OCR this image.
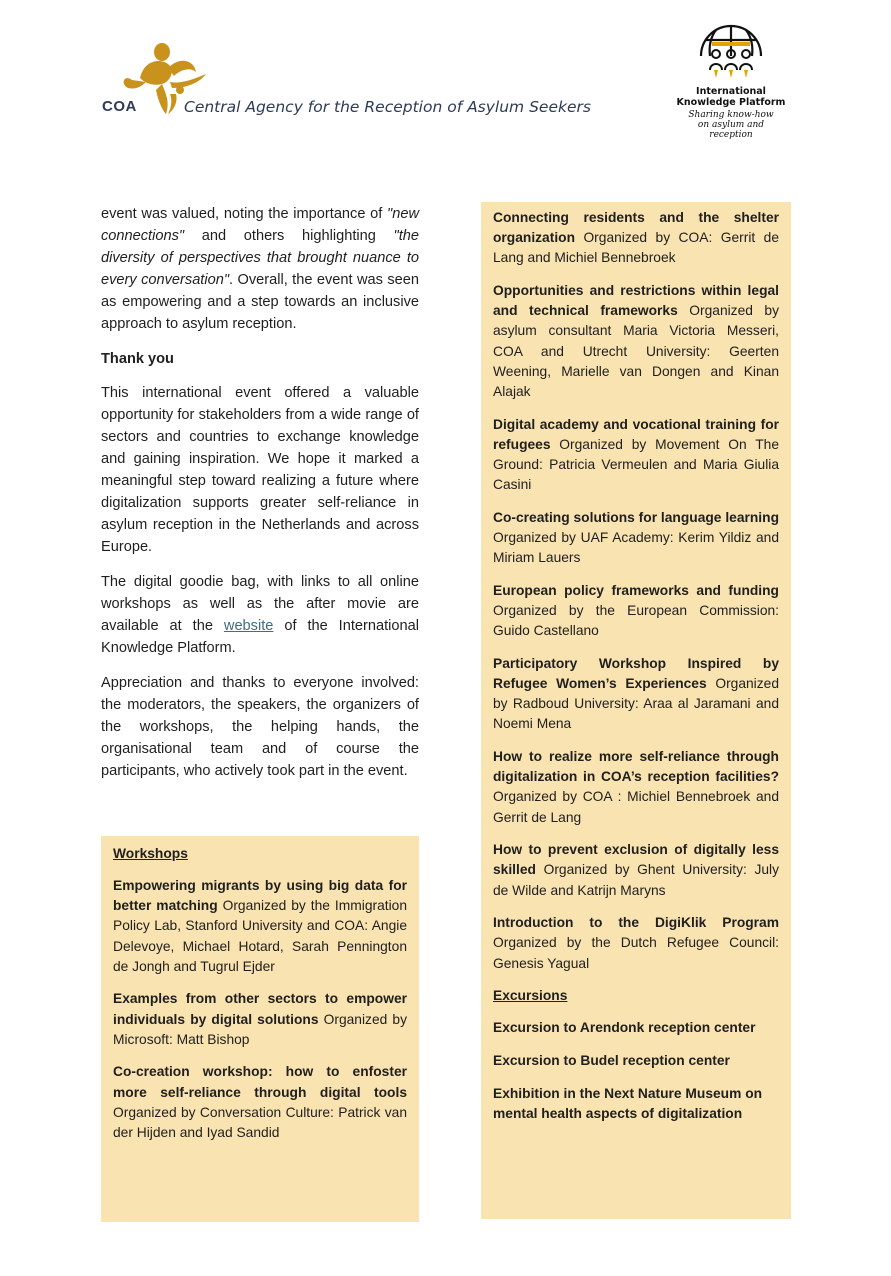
COA	Central Agency for the Reception of Asylum Seekers
International
Knowledge Platform
Sharing know-how
on asylum and reception

event was valued, noting the importance of "new connections" and others highlighting "the diversity of perspectives that brought nuance to every conversation". Overall, the event was seen as empowering and a step towards an inclusive approach to asylum reception.

Thank you

This international event offered a valuable opportunity for stakeholders from a wide range of sectors and countries to exchange knowledge and gaining inspiration. We hope it marked a meaningful step toward realizing a future where digitalization supports greater self-reliance in asylum reception in the Netherlands and across Europe.

The digital goodie bag, with links to all online workshops as well as the after movie are available at the website of the International Knowledge Platform.

Appreciation and thanks to everyone involved: the moderators, the speakers, the organizers of the workshops, the helping hands, the organisational team and of course the participants, who actively took part in the event.

Workshops
Empowering migrants by using big data for better matching Organized by the Immigration Policy Lab, Stanford University and COA: Angie Delevoye, Michael Hotard, Sarah Pennington de Jongh and Tugrul Ejder
Examples from other sectors to empower individuals by digital solutions Organized by Microsoft: Matt Bishop
Co-creation workshop: how to enfoster more self-reliance through digital tools Organized by Conversation Culture: Patrick van der Hijden and Iyad Sandid
Connecting residents and the shelter organization Organized by COA: Gerrit de Lang and Michiel Bennebroek
Opportunities and restrictions within legal and technical frameworks Organized by asylum consultant Maria Victoria Messeri, COA and Utrecht University: Geerten Weening, Marielle van Dongen and Kinan Alajak
Digital academy and vocational training for refugees Organized by Movement On The Ground: Patricia Vermeulen and Maria Giulia Casini
Co-creating solutions for language learning Organized by UAF Academy: Kerim Yildiz and Miriam Lauers
European policy frameworks and funding Organized by the European Commission: Guido Castellano
Participatory Workshop Inspired by Refugee Women’s Experiences Organized by Radboud University: Araa al Jaramani and Noemi Mena
How to realize more self-reliance through digitalization in COA’s reception facilities? Organized by COA : Michiel Bennebroek and Gerrit de Lang
How to prevent exclusion of digitally less skilled Organized by Ghent University: July de Wilde and Katrijn Maryns
Introduction to the DigiKlik Program Organized by the Dutch Refugee Council: Genesis Yagual
Excursions
Excursion to Arendonk reception center
Excursion to Budel reception center
Exhibition in the Next Nature Museum on mental health aspects of digitalization
